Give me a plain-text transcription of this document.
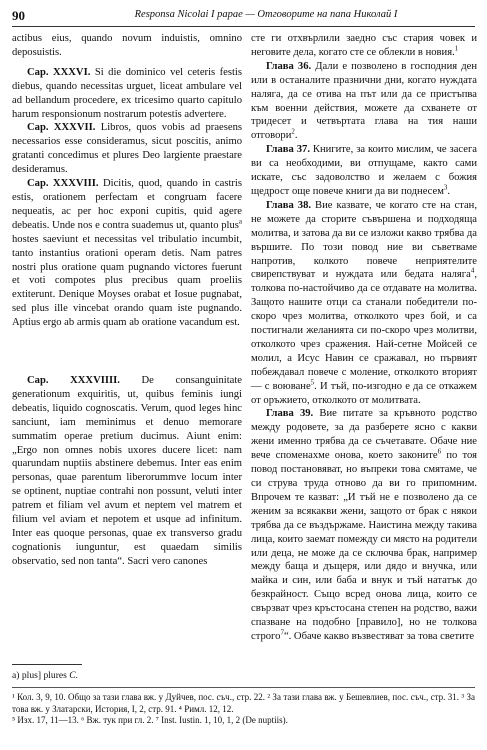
90	Responsa Nicolai I papae — Отговорите на папа Николай I

actibus eius, quando novum induistis, omnino deposuistis.

Cap. XXXVI. Si die dominico vel ceteris festis diebus, quando necessitas urguet, liceat ambulare vel ad bellandum procedere, ex tricesimo quarto capitulo harum responsionum nostrarum potestis advertere.

Cap. XXXVII. Libros, quos vobis ad praesens necessarios esse consideramus, sicut poscitis, animo gratanti concedimus et plures Deo largiente praestare desideramus.

Cap. XXXVIII. Dicitis, quod, quando in castris estis, orationem perfectam et congruam facere nequeatis, ac per hoc exponi cupitis, quid agere debeatis. Unde nos e contra suademus ut, quanto plus$^a$ hostes saeviunt et necessitas vel tribulatio incumbit, tanto instantius orationi operam detis. Nam patres nostri plus oratione quam pugnando victores fuerunt et voti compotes plus precibus quam proeliis extiterunt. Denique Moyses orabat et Iosue pugnabat, sed plus ille vincebat orando quam iste pugnando. Aptius ergo ab armis quam ab oratione vacandum est.

Cap. XXXVIIII. De consanguinitate generationum exquiritis, ut, quibus feminis iungi debeatis, liquido cognoscatis. Verum, quod leges hinc sanciunt, iam meminimus et denuo memorare summatim operae pretium ducimus. Aiunt enim: „Ergo non omnes nobis uxores ducere licet: nam quarundam nuptiis abstinere debemus. Inter eas enim personas, quae parentum liberorummve locum inter se optinent, nuptiae contrahi non possunt, veluti inter patrem et filiam vel avum et neptem vel matrem et filium vel aviam et nepotem et usque ad infinitum. Inter eas quoque personas, quae ex transverso gradu cognationis iunguntur, est quaedam similis observatio, sed non tanta“. Sacri vero canones

a) plus] plures C.

сте ги отхвърлили заедно със стария човек и неговите дела, когато сте се облекли в новия.$^1$

Глава 36. Дали е позволено в господния ден или в останалите празнични дни, когато нуждата наляга, да се отива на път или да се пристъпва към военни действия, можете да схванете от тридесет и четвъртата глава на тия наши отговори$^2$.

Глава 37. Книгите, за които мислим, че засега ви са необходими, ви отпущаме, както сами искате, със задоволство и желаем с божия щедрост още повече книги да ви поднесем$^3$.

Глава 38. Вие казвате, че когато сте на стан, не можете да сторите съвършена и подходяща молитва, и затова да ви се изложи какво трябва да вършите. По този повод ние ви съветваме напротив, колкото повече неприятелите свирепствуват и нуждата или бедата наляга$^4$, толкова по-настойчиво да се отдавате на молитва. Защото нашите отци са станали победители по-скоро чрез молитва, отколкото чрез бой, и са постигнали желанията си по-скоро чрез молитви, отколкото чрез сражения. Най-сетне Мойсей се молил, а Исус Навин се сражавал, но първият побеждавал повече с моление, отколкото вторият — с воюване$^5$. И тъй, по-изгодно е да се откажем от оръжието, отколкото от молитвата.

Глава 39. Вие питате за кръвното родство между родовете, за да разберете ясно с какви жени именно трябва да се съчетавате. Обаче ние вече споменахме онова, което законите$^6$ по тоя повод постановяват, но въпреки това смятаме, че си струва труда отново да ви го припомним. Впрочем те казват: „И тъй не е позволено да се женим за всякакви жени, защото от брак с някои трябва да се въздържаме. Наистина между такива лица, които заемат помежду си място на родители или деца, не може да се сключва брак, например между баща и дъщеря, или дядо и внучка, или майка и син, или баба и внук и тъй нататък до безкрайност. Също всред онова лица, които се свързват чрез кръстосана степен на родство, важи спазване на подобно [правило], но не толкова строго$^7$“. Обаче какво възвестяват за това светите

¹ Кол. 3, 9, 10. Общо за тази глава вж. у Дуйчев, пос. съч., стр. 22. ² За тази глава вж. у Бешевлиев, пос. съч., стр. 31. ³ За това вж. у Златарски, История, I, 2, стр. 91. ⁴ Римл. 12, 12.
⁵ Изх. 17, 11—13. ⁶ Вж. тук при гл. 2. ⁷ Inst. Iustin. 1, 10, 1, 2 (De nuptiis).
